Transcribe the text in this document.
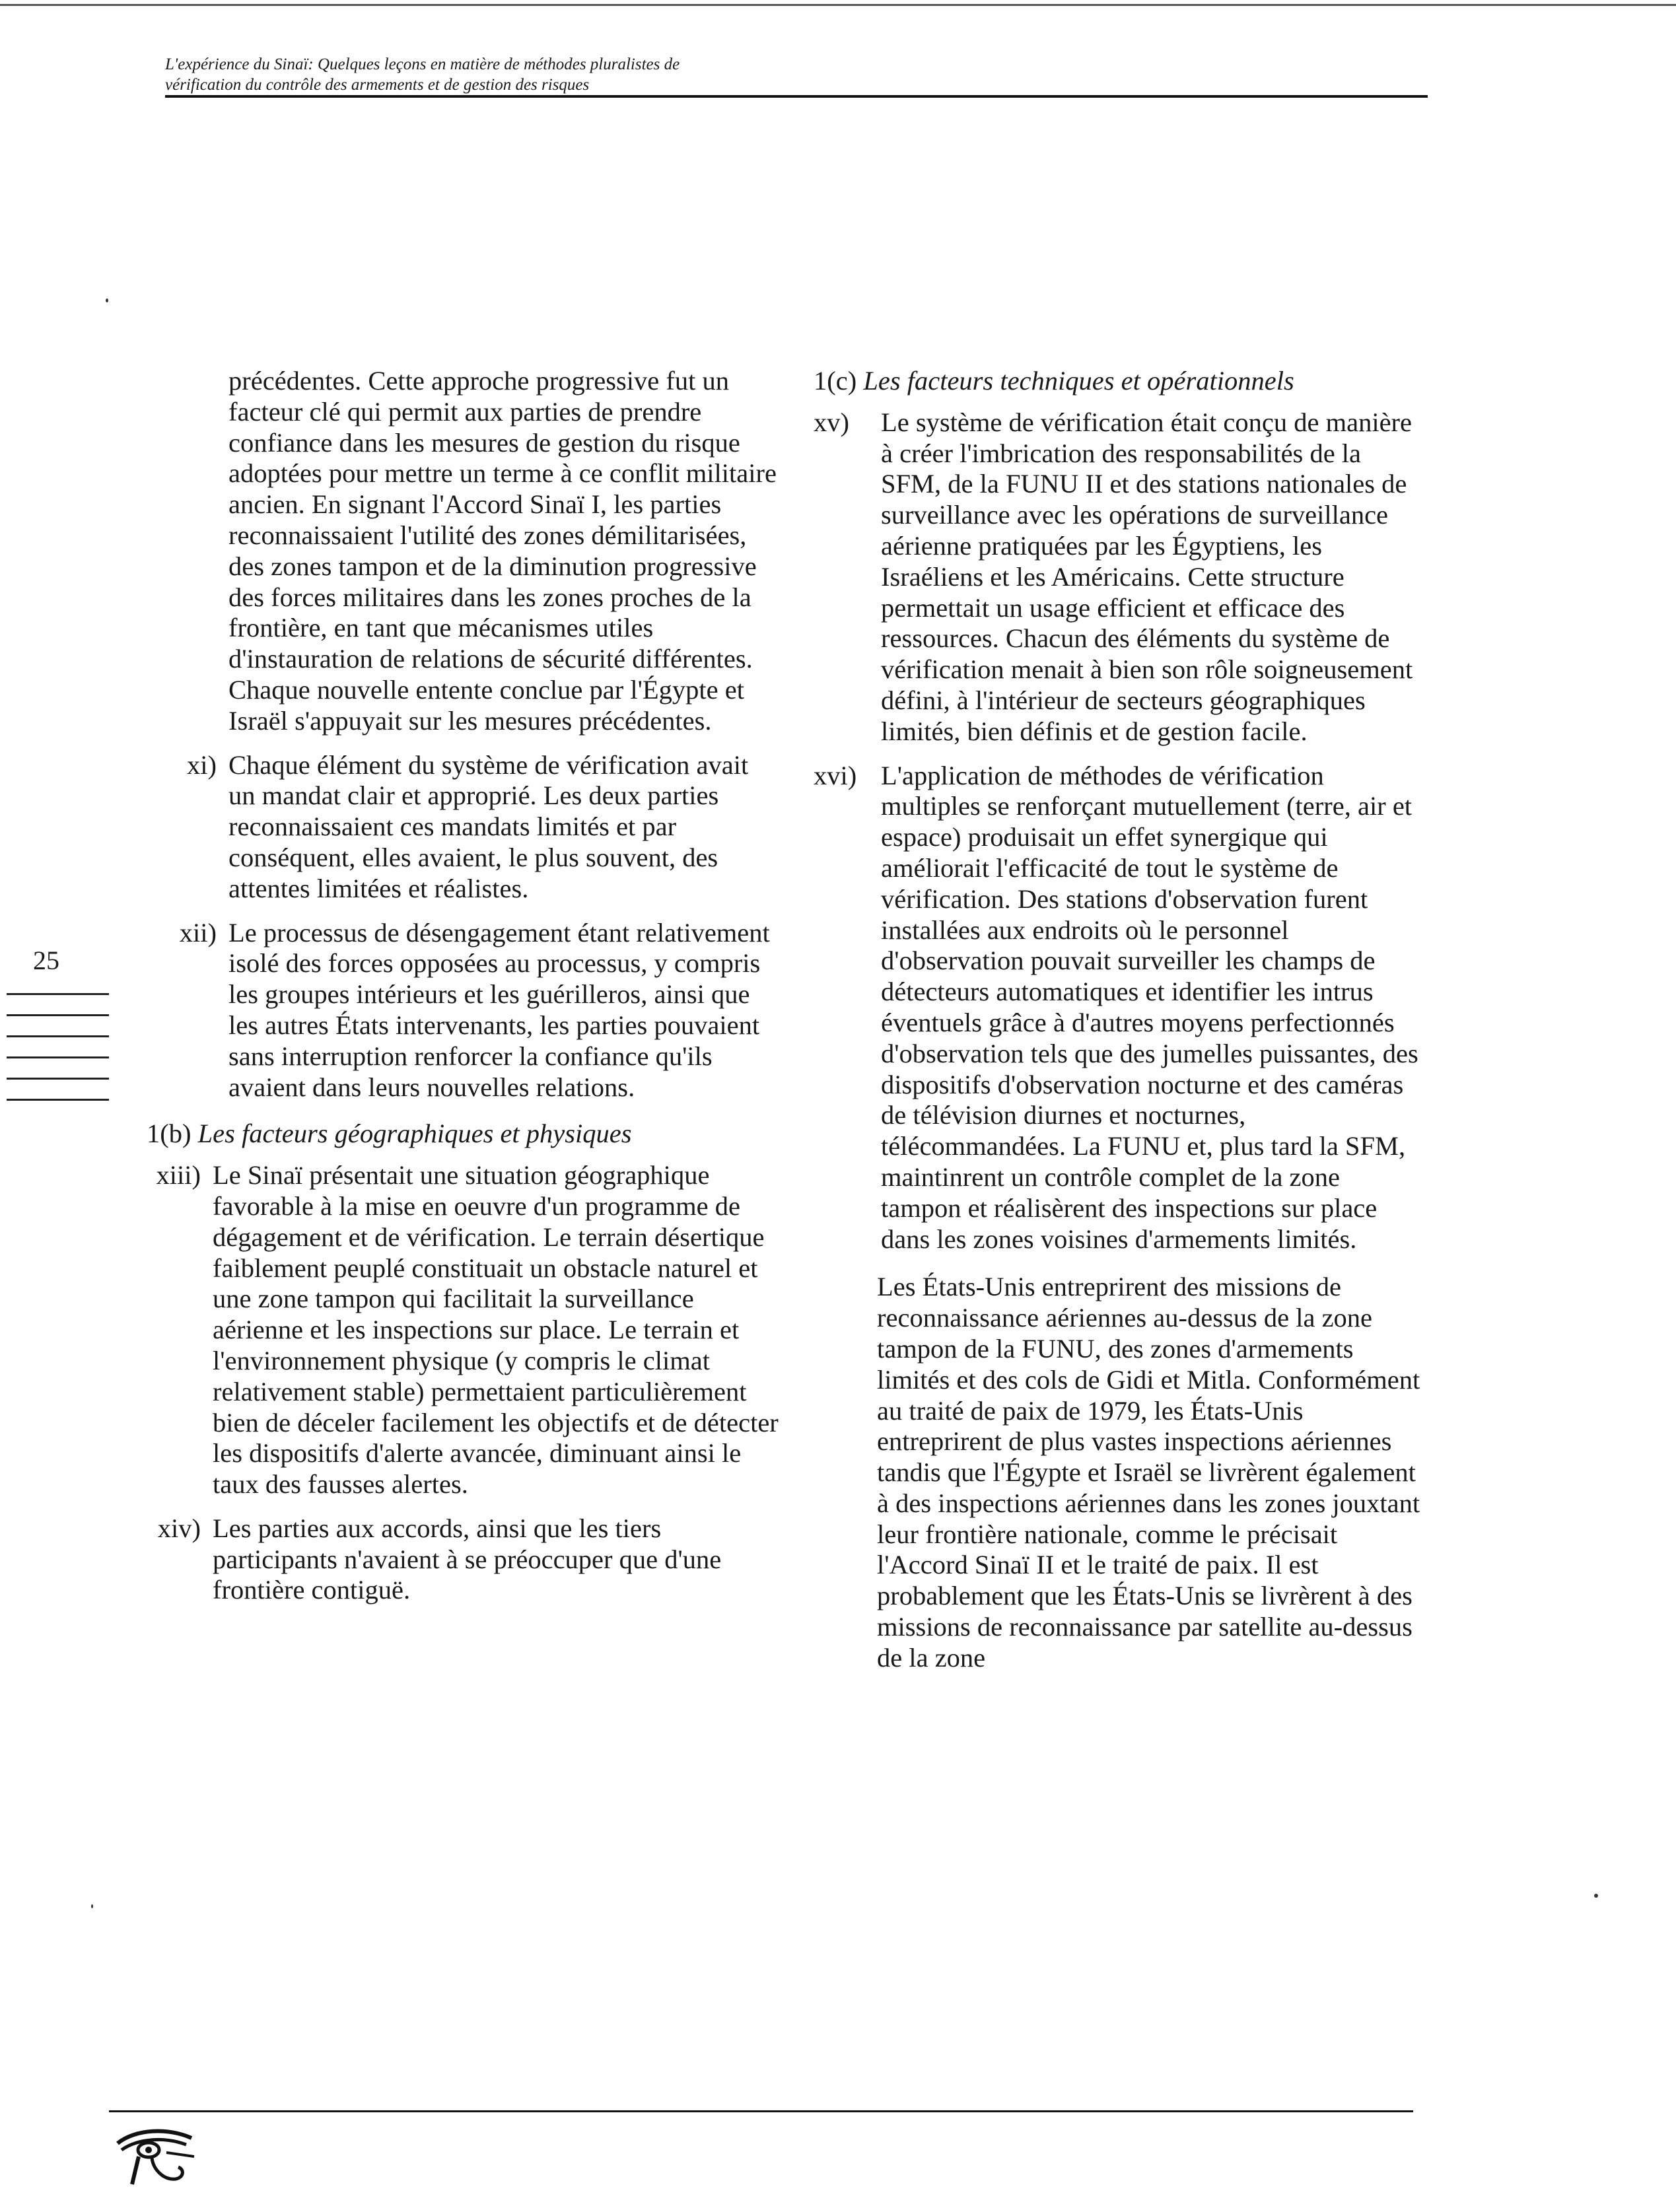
L'expérience du Sinaï: Quelques leçons en matière de méthodes pluralistes de
vérification du contrôle des armements et de gestion des risques
précédentes. Cette approche progressive fut un facteur clé qui permit aux parties de prendre confiance dans les mesures de gestion du risque adoptées pour mettre un terme à ce conflit militaire ancien. En signant l'Accord Sinaï I, les parties reconnaissaient l'utilité des zones démilitarisées, des zones tampon et de la diminution progressive des forces militaires dans les zones proches de la frontière, en tant que mécanismes utiles d'instauration de relations de sécurité différentes. Chaque nouvelle entente conclue par l'Égypte et Israël s'appuyait sur les mesures précédentes.
xi) Chaque élément du système de vérification avait un mandat clair et approprié. Les deux parties reconnaissaient ces mandats limités et par conséquent, elles avaient, le plus souvent, des attentes limitées et réalistes.
xii) Le processus de désengagement étant relativement isolé des forces opposées au processus, y compris les groupes intérieurs et les guérilleros, ainsi que les autres États intervenants, les parties pouvaient sans interruption renforcer la confiance qu'ils avaient dans leurs nouvelles relations.
1(b) Les facteurs géographiques et physiques
xiii) Le Sinaï présentait une situation géographique favorable à la mise en oeuvre d'un programme de dégagement et de vérification. Le terrain désertique faiblement peuplé constituait un obstacle naturel et une zone tampon qui facilitait la surveillance aérienne et les inspections sur place. Le terrain et l'environnement physique (y compris le climat relativement stable) permettaient particulièrement bien de déceler facilement les objectifs et de détecter les dispositifs d'alerte avancée, diminuant ainsi le taux des fausses alertes.
xiv) Les parties aux accords, ainsi que les tiers participants n'avaient à se préoccuper que d'une frontière contiguë.
1(c) Les facteurs techniques et opérationnels
xv)	Le système de vérification était conçu de manière à créer l'imbrication des responsabilités de la SFM, de la FUNU II et des stations nationales de surveillance avec les opérations de surveillance aérienne pratiquées par les Égyptiens, les Israéliens et les Américains. Cette structure permettait un usage efficient et efficace des ressources. Chacun des éléments du système de vérification menait à bien son rôle soigneusement défini, à l'intérieur de secteurs géographiques limités, bien définis et de gestion facile.
xvi) L'application de méthodes de vérification multiples se renforçant mutuellement (terre, air et espace) produisait un effet synergique qui améliorait l'efficacité de tout le système de vérification. Des stations d'observation furent installées aux endroits où le personnel d'observation pouvait surveiller les champs de détecteurs automatiques et identifier les intrus éventuels grâce à d'autres moyens perfectionnés d'observation tels que des jumelles puissantes, des dispositifs d'observation nocturne et des caméras de télévision diurnes et nocturnes, télécommandées. La FUNU et, plus tard la SFM, maintinrent un contrôle complet de la zone tampon et réalisèrent des inspections sur place dans les zones voisines d'armements limités.
Les États-Unis entreprirent des missions de reconnaissance aériennes au-dessus de la zone tampon de la FUNU, des zones d'armements limités et des cols de Gidi et Mitla. Conformément au traité de paix de 1979, les États-Unis entreprirent de plus vastes inspections aériennes tandis que l'Égypte et Israël se livrèrent également à des inspections aériennes dans les zones jouxtant leur frontière nationale, comme le précisait l'Accord Sinaï II et le traité de paix. Il est probablement que les États-Unis se livrèrent à des missions de reconnaissance par satellite au-dessus de la zone
25
